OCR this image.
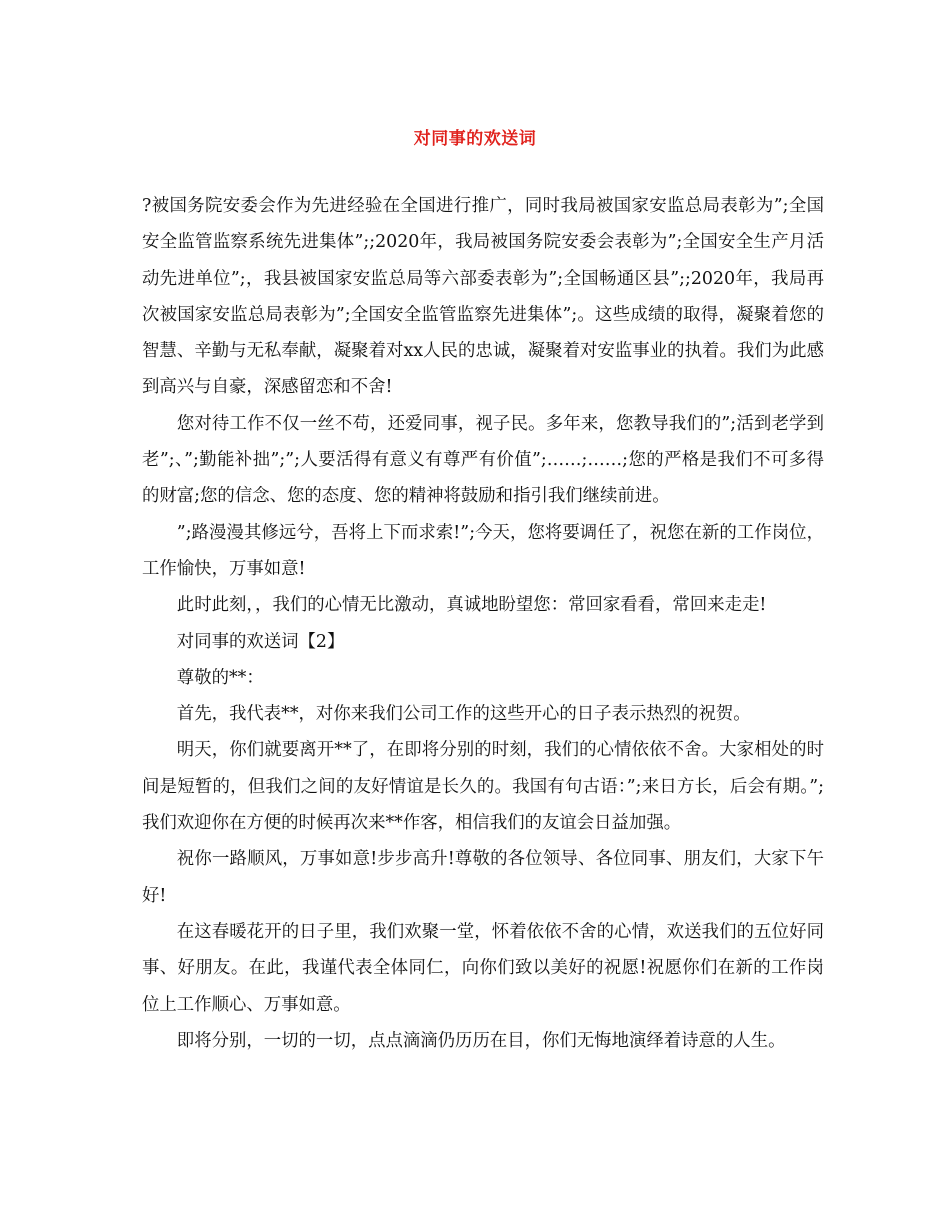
对同事的欢送词

?被国务院安委会作为先进经验在全国进行推广，同时我局被国家安监总局表彰为”;全国安全监管监察系统先进集体”;;2020年，我局被国务院安委会表彰为”;全国安全生产月活动先进单位”;，我县被国家安监总局等六部委表彰为”;全国畅通区县”;;2020年，我局再次被国家安监总局表彰为”;全国安全监管监察先进集体”;。这些成绩的取得，凝聚着您的智慧、辛勤与无私奉献，凝聚着对xx人民的忠诚，凝聚着对安监事业的执着。我们为此感到高兴与自豪，深感留恋和不舍!

您对待工作不仅一丝不苟，还爱同事，视子民。多年来，您教导我们的”;活到老学到老”;、”;勤能补拙”;”;人要活得有意义有尊严有价值”;……;……;您的严格是我们不可多得的财富;您的信念、您的态度、您的精神将鼓励和指引我们继续前进。

”;路漫漫其修远兮，吾将上下而求索!”;今天，您将要调任了，祝您在新的工作岗位，工作愉快，万事如意!

此时此刻，，我们的心情无比激动，真诚地盼望您：常回家看看，常回来走走!

对同事的欢送词【2】

尊敬的**：

首先，我代表**，对你来我们公司工作的这些开心的日子表示热烈的祝贺。

明天，你们就要离开**了，在即将分别的时刻，我们的心情依依不舍。大家相处的时间是短暂的，但我们之间的友好情谊是长久的。我国有句古语：”;来日方长，后会有期。”;我们欢迎你在方便的时候再次来**作客，相信我们的友谊会日益加强。

祝你一路顺风，万事如意!步步高升!尊敬的各位领导、各位同事、朋友们，大家下午好!

在这春暖花开的日子里，我们欢聚一堂，怀着依依不舍的心情，欢送我们的五位好同事、好朋友。在此，我谨代表全体同仁，向你们致以美好的祝愿!祝愿你们在新的工作岗位上工作顺心、万事如意。

即将分别，一切的一切，点点滴滴仍历历在目，你们无悔地演绎着诗意的人生。
